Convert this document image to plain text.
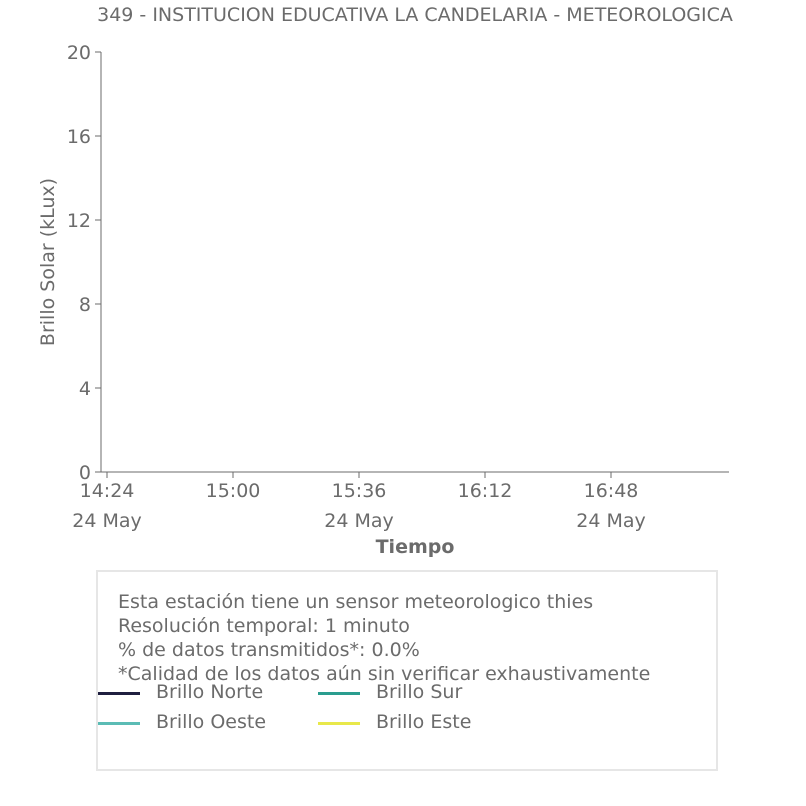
349 - INSTITUCION EDUCATIVA LA CANDELARIA - METEOROLOGICA
0
4
8
12
16
20
14:24
24 May
15:00	15:36
24 May
16:12	16:48
24 May
Brillo Solar (kLux)
Tiempo
Esta estación tiene un sensor meteorologico thies
Resolución temporal: 1 minuto
% de datos transmitidos*: 0.0%
*Calidad de los datos aún sin verificar exhaustivamente
Brillo Norte	Brillo Sur
Brillo Oeste	Brillo Este
